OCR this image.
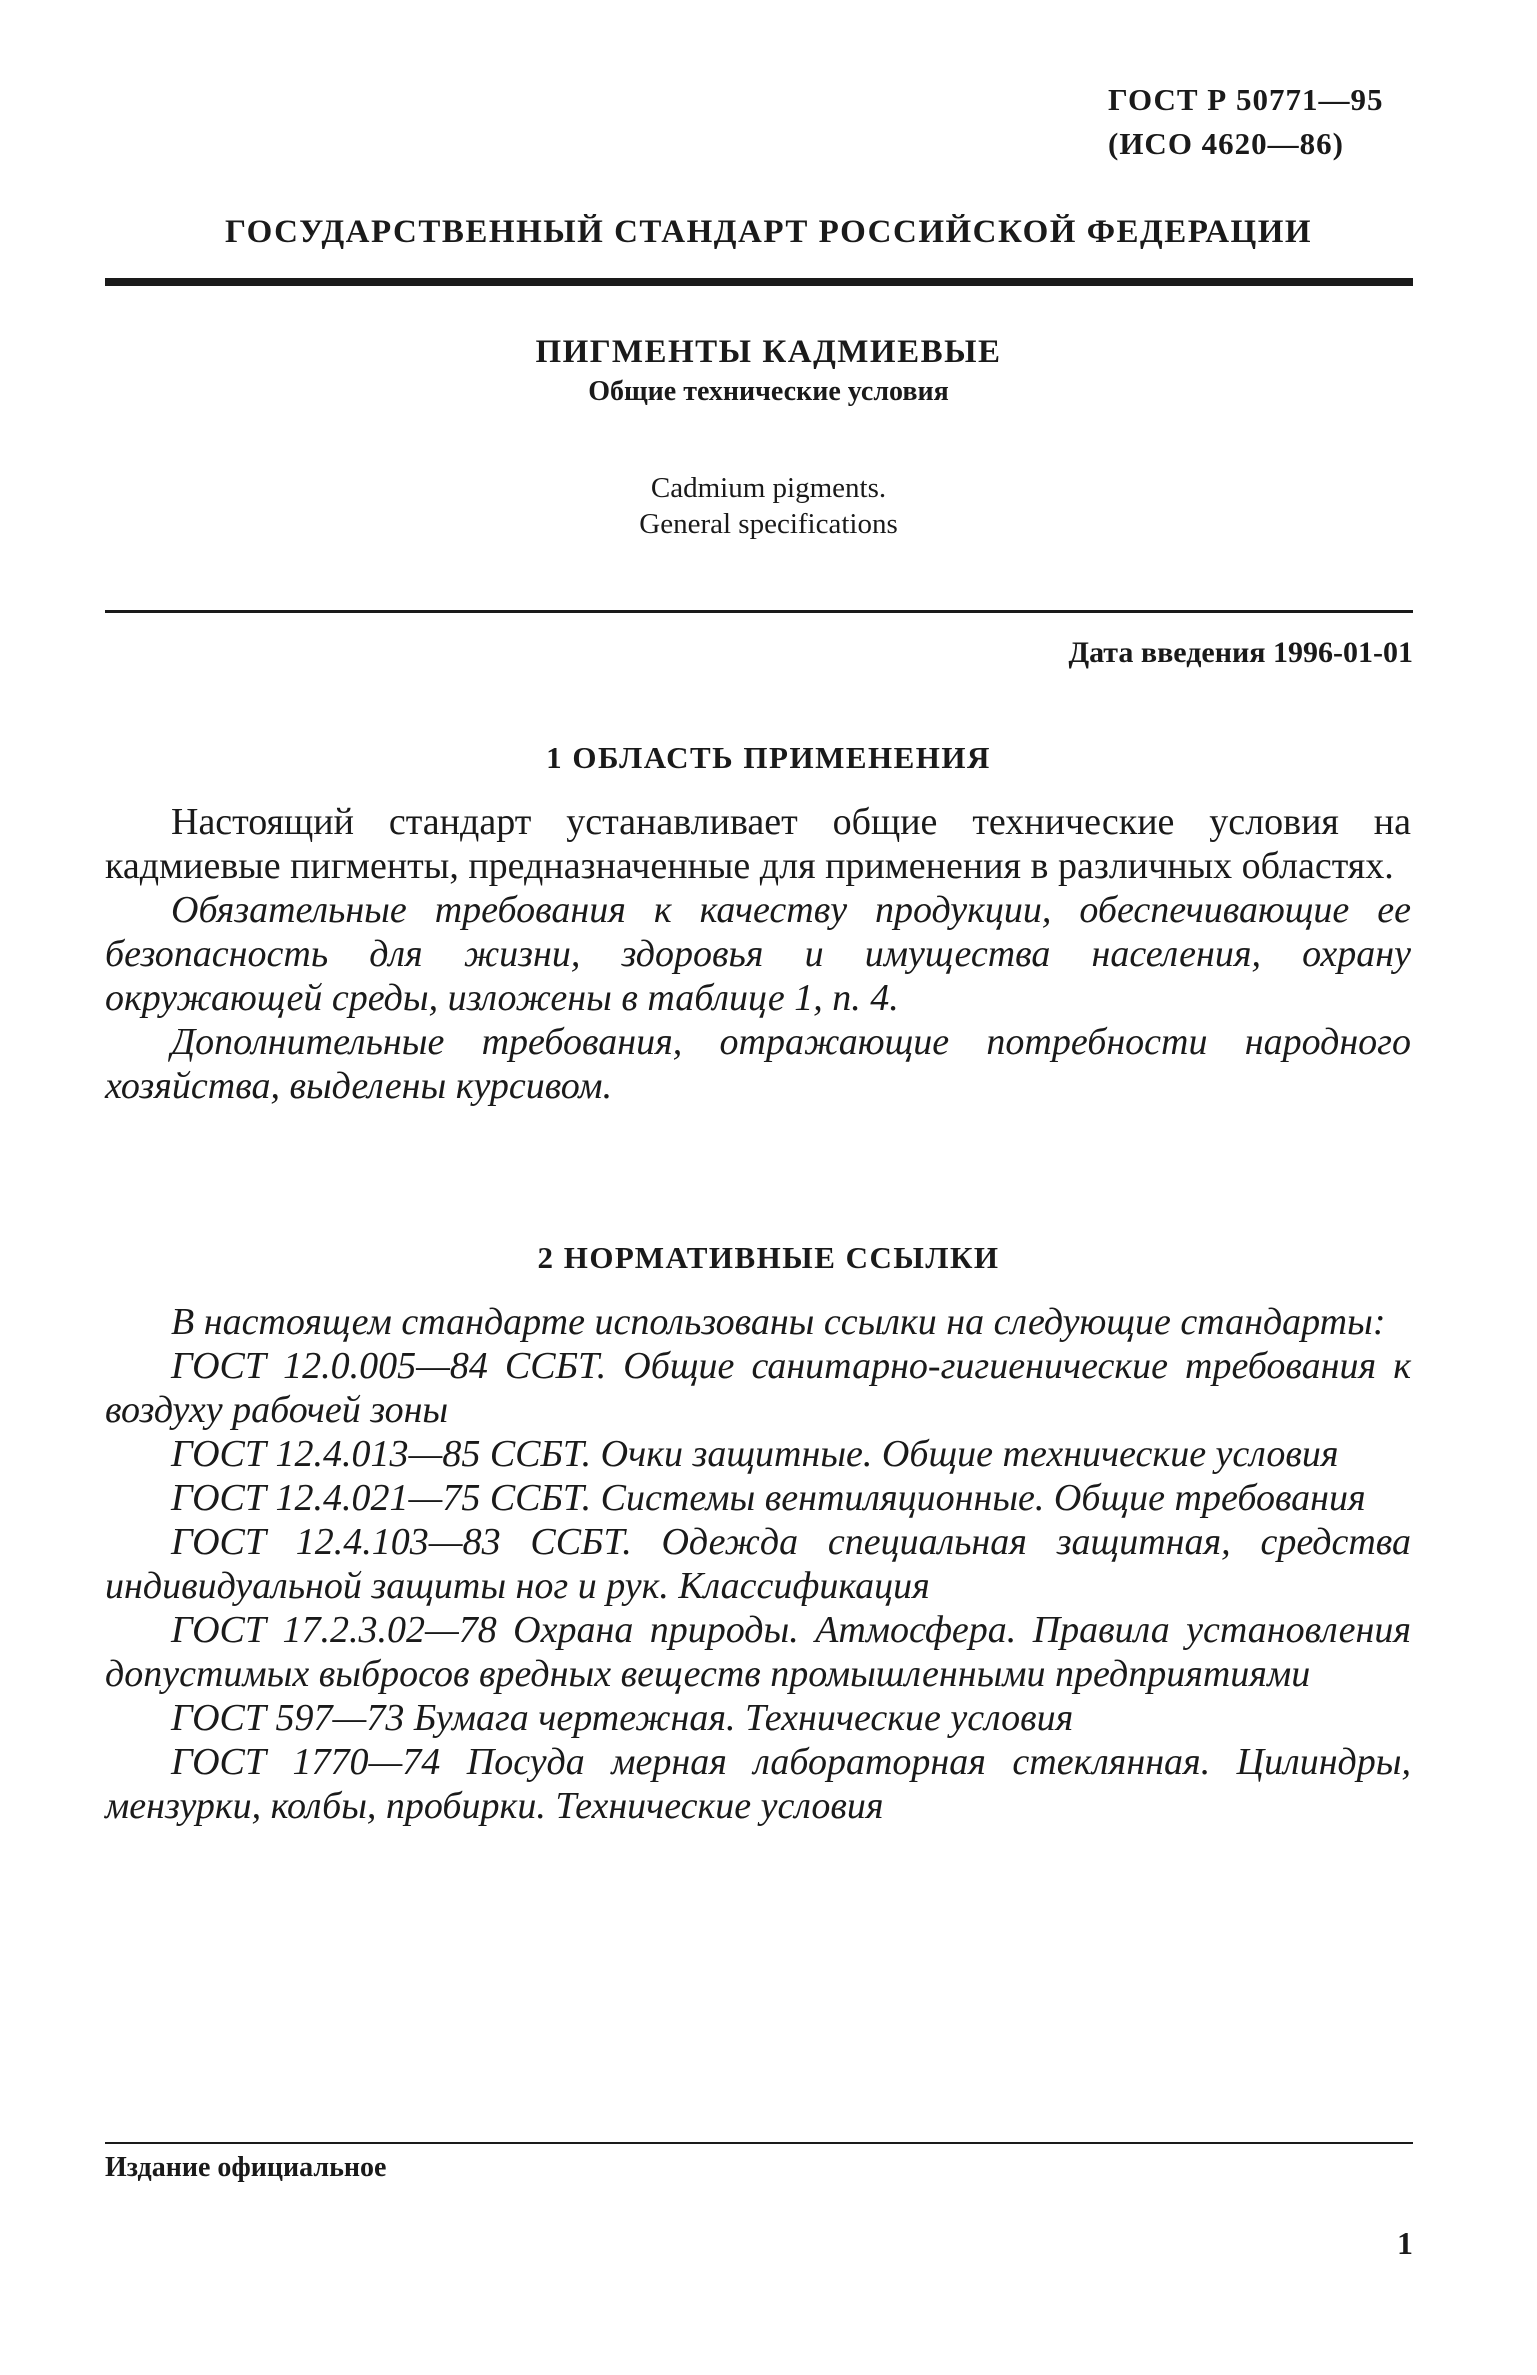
ГОСТ Р 50771—95
(ИСО 4620—86)
ГОСУДАРСТВЕННЫЙ СТАНДАРТ РОССИЙСКОЙ ФЕДЕРАЦИИ
ПИГМЕНТЫ КАДМИЕВЫЕ
Общие технические условия
Cadmium pigments.
General specifications
Дата введения 1996-01-01
1 ОБЛАСТЬ ПРИМЕНЕНИЯ

Настоящий стандарт устанавливает общие технические условия на кадмиевые пигменты, предназначенные для применения в различных областях.

Обязательные требования к качеству продукции, обеспечивающие ее безопасность для жизни, здоровья и имущества населения, охрану окружающей среды, изложены в таблице 1, п. 4.

Дополнительные требования, отражающие потребности народного хозяйства, выделены курсивом.

2 НОРМАТИВНЫЕ ССЫЛКИ

В настоящем стандарте использованы ссылки на следующие стандарты:

ГОСТ 12.0.005—84 ССБТ. Общие санитарно-гигиенические требования к воздуху рабочей зоны

ГОСТ 12.4.013—85 ССБТ. Очки защитные. Общие технические условия

ГОСТ 12.4.021—75 ССБТ. Системы вентиляционные. Общие требования

ГОСТ 12.4.103—83 ССБТ. Одежда специальная защитная, средства индивидуальной защиты ног и рук. Классификация

ГОСТ 17.2.3.02—78 Охрана природы. Атмосфера. Правила установления допустимых выбросов вредных веществ промышленными предприятиями

ГОСТ 597—73 Бумага чертежная. Технические условия

ГОСТ 1770—74 Посуда мерная лабораторная стеклянная. Цилиндры, мензурки, колбы, пробирки. Технические условия

Издание официальное
1
